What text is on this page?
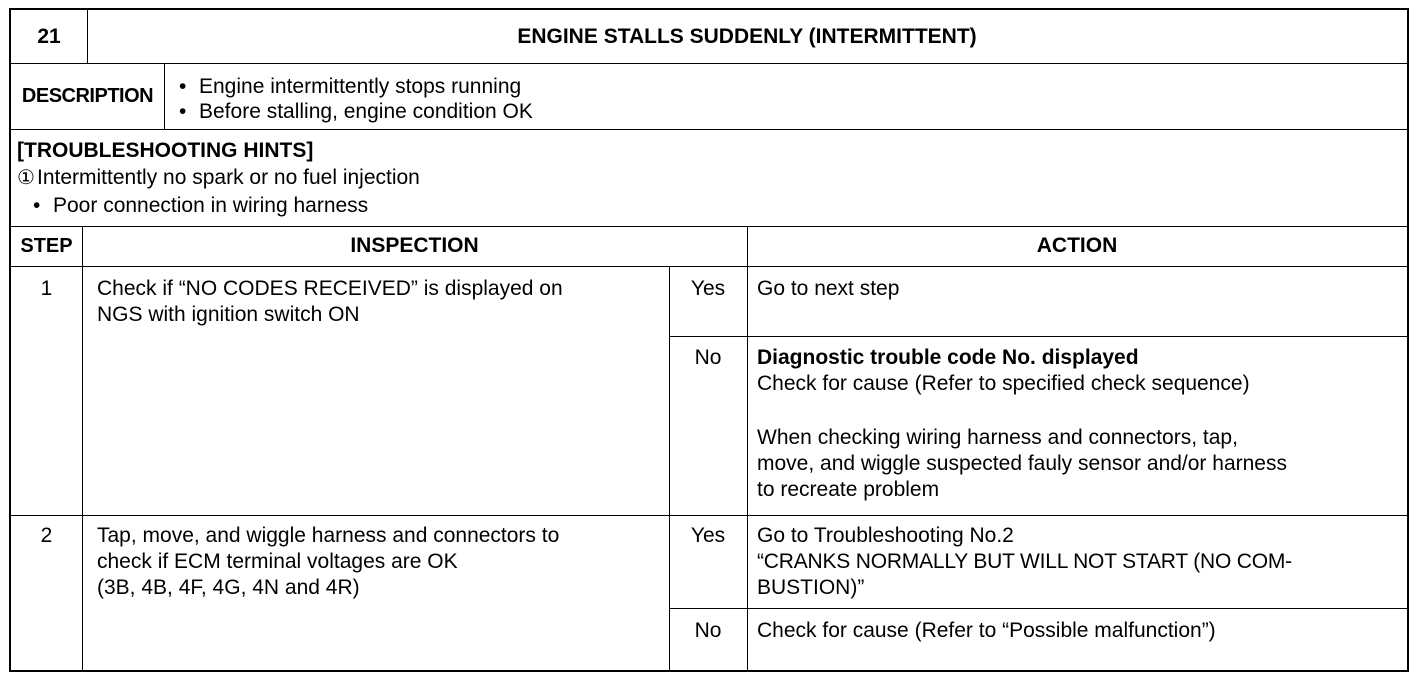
21	ENGINE STALLS SUDDENLY (INTERMITTENT)
DESCRIPTION
•	Engine intermittently stops running
• Before stalling, engine condition OK
[TROUBLESHOOTING HINTS]
①Intermittently no spark or no fuel injection
• Poor connection in wiring harness
STEP	INSPECTION	ACTION
1	Check if “NO CODES RECEIVED” is displayed on
NGS with ignition switch ON
Yes	Go to next step
No	Diagnostic trouble code No. displayed
Check for cause (Refer to specified check sequence)
When checking wiring harness and connectors, tap,
move, and wiggle suspected fauly sensor and/or harness
to recreate problem
2	Tap, move, and wiggle harness and connectors to
check if ECM terminal voltages are OK
(3B, 4B, 4F, 4G, 4N and 4R)
Yes	Go to Troubleshooting No.2
“CRANKS NORMALLY BUT WILL NOT START (NO COM-
BUSTION)”
No	Check for cause (Refer to “Possible malfunction”)
